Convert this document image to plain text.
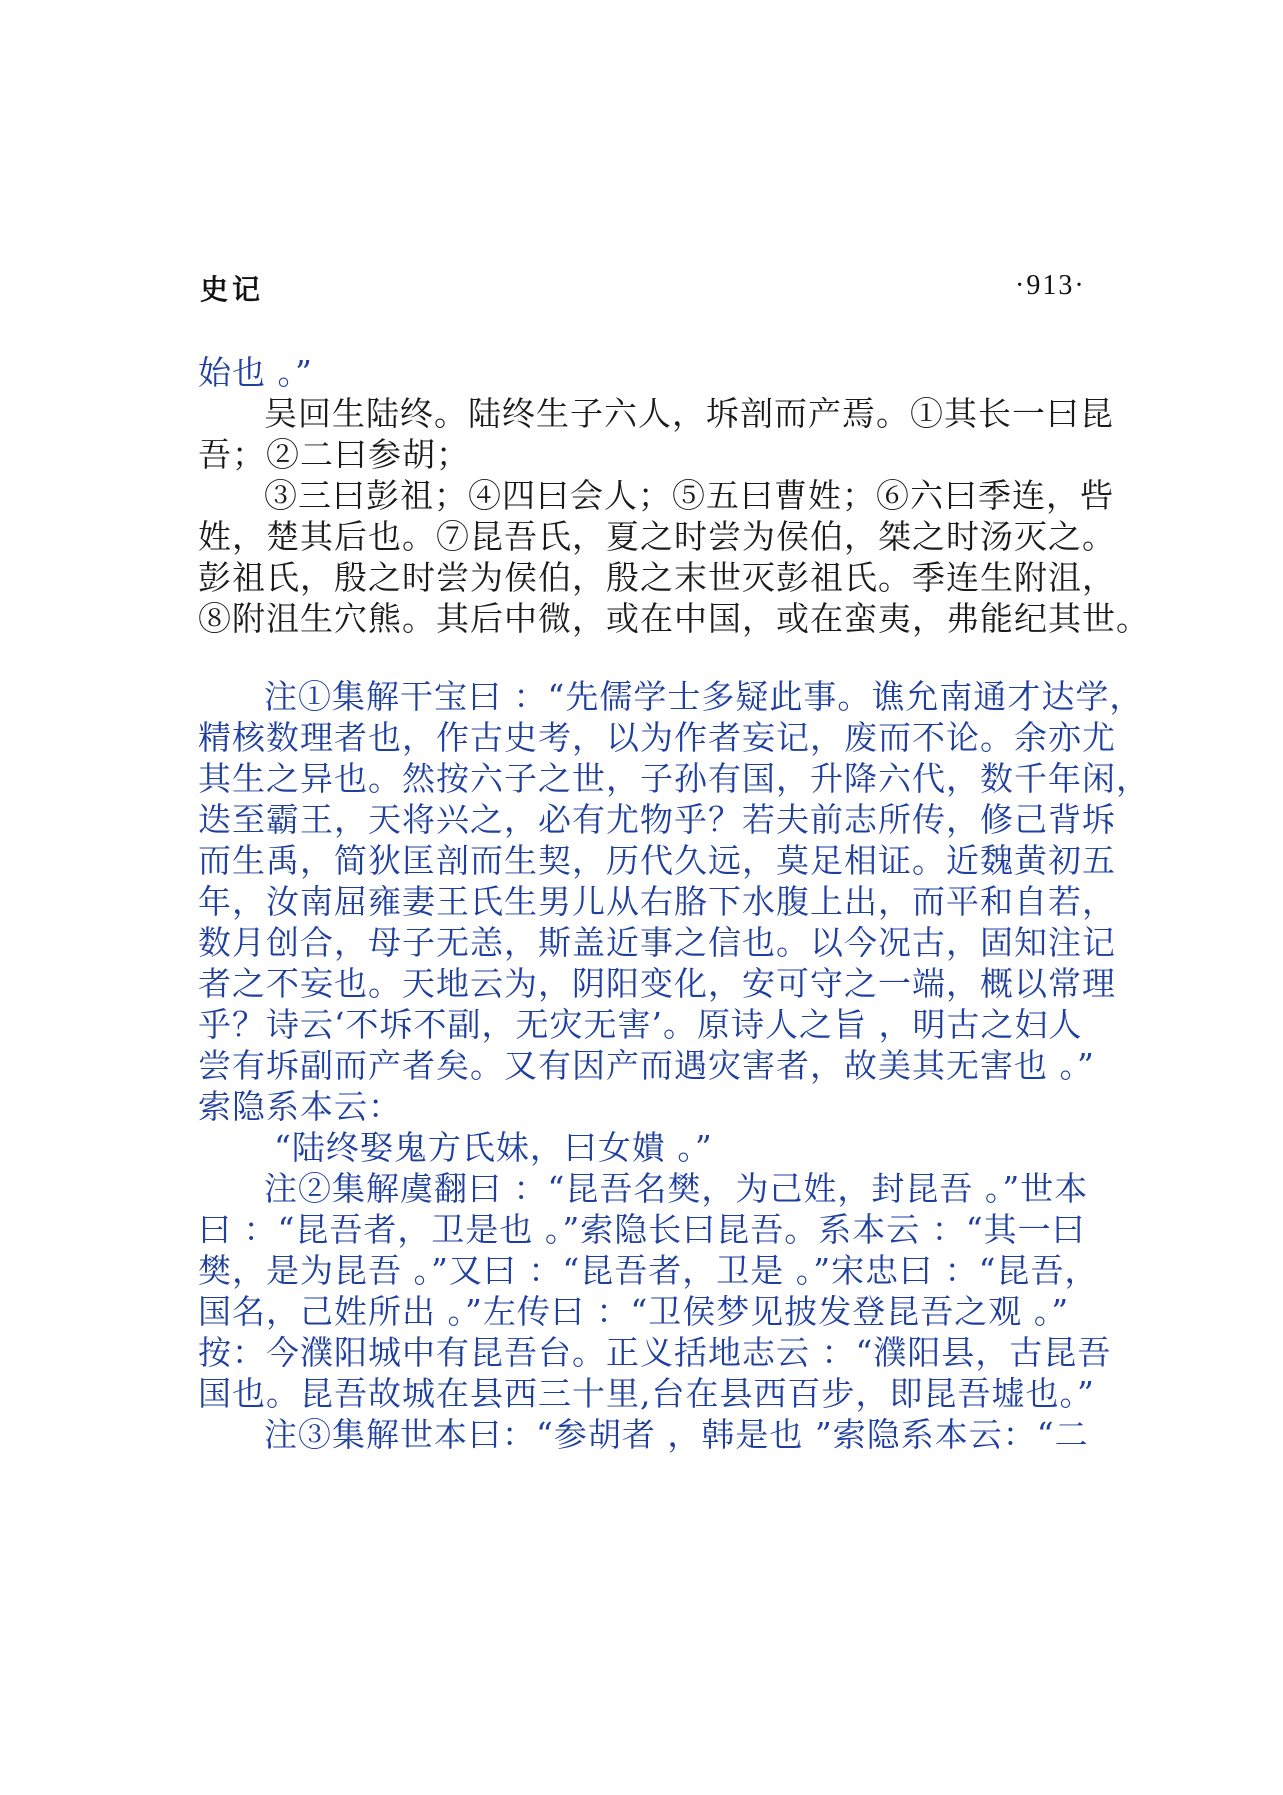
史记	·913·
始也 。”
吴回生陆终。陆终生子六人，坼剖而产焉。①其长一曰昆
吾；②二曰参胡；
③三曰彭祖；④四曰会人；⑤五曰曹姓；⑥六曰季连，呰
姓，楚其后也。⑦昆吾氏，夏之时尝为侯伯，桀之时汤灭之。
彭祖氏，殷之时尝为侯伯，殷之末世灭彭祖氏。季连生附沮，
⑧附沮生穴熊。其后中微，或在中国，或在蛮夷，弗能纪其世。
注①集解干宝曰 ：“先儒学士多疑此事。谯允南通才达学，
精核数理者也，作古史考，以为作者妄记，废而不论。余亦尤
其生之异也。然按六子之世，子孙有国，升降六代，数千年闲，
迭至霸王，天将兴之，必有尤物乎？若夫前志所传，修己背坼
而生禹，简狄匡剖而生契，历代久远，莫足相证。近魏黄初五
年，汝南屈雍妻王氏生男儿从右胳下水腹上出，而平和自若，
数月创合，母子无恙，斯盖近事之信也。以今况古，固知注记
者之不妄也。天地云为，阴阳变化，安可守之一端，概以常理
乎？诗云‘不坼不副，无灾无害’。原诗人之旨 ，明古之妇人
尝有坼副而产者矣。又有因产而遇灾害者，故美其无害也 。”
索隐系本云：
“陆终娶鬼方氏妹，曰女嬇 。”
注②集解虞翻曰 ：“昆吾名樊，为己姓，封昆吾 。”世本
曰 ：“昆吾者，卫是也 。”索隐长曰昆吾。系本云 ：“其一曰
樊，是为昆吾 。”又曰 ：“昆吾者，卫是 。”宋忠曰 ：“昆吾，
国名，己姓所出 。”左传曰 ：“卫侯梦见披发登昆吾之观 。”
按：今濮阳城中有昆吾台。正义括地志云 ：“濮阳县，古昆吾
国也。昆吾故城在县西三十里,台在县西百步，即昆吾墟也。”
注③集解世本曰：“参胡者 ，韩是也 ”索隐系本云：“二
